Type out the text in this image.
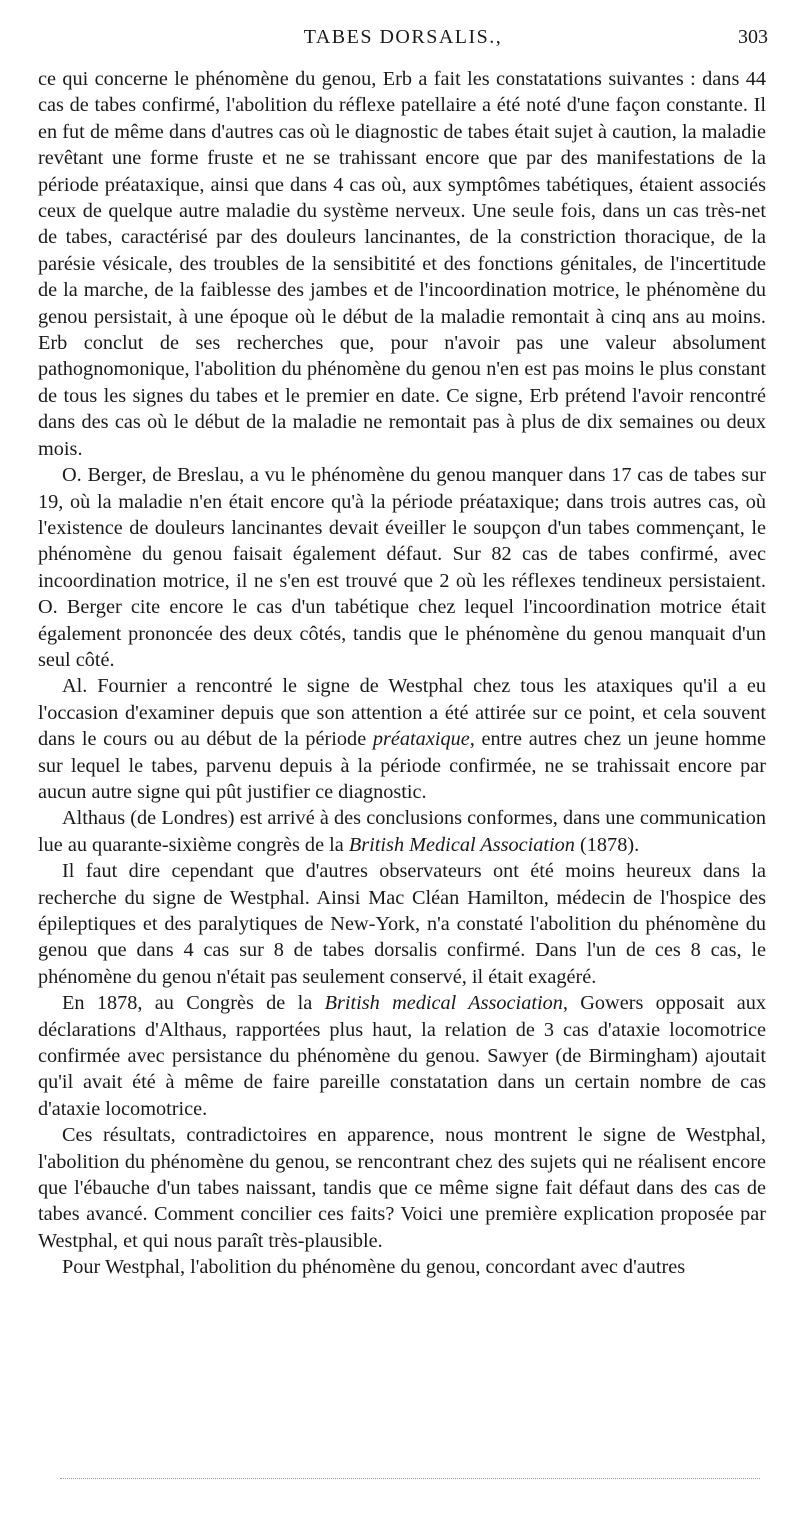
TABES DORSALIS.,	303

ce qui concerne le phénomène du genou, Erb a fait les constatations suivantes : dans 44 cas de tabes confirmé, l'abolition du réflexe patellaire a été noté d'une façon constante. Il en fut de même dans d'autres cas où le diagnostic de tabes était sujet à caution, la maladie revêtant une forme fruste et ne se trahissant encore que par des manifestations de la période préataxique, ainsi que dans 4 cas où, aux symptômes tabétiques, étaient associés ceux de quelque autre maladie du système nerveux. Une seule fois, dans un cas très-net de tabes, caractérisé par des douleurs lancinantes, de la constriction thoracique, de la parésie vésicale, des troubles de la sensibitité et des fonctions génitales, de l'incertitude de la marche, de la faiblesse des jambes et de l'incoordination motrice, le phénomène du genou persistait, à une époque où le début de la maladie remontait à cinq ans au moins. Erb conclut de ses recherches que, pour n'avoir pas une valeur absolument pathognomonique, l'abolition du phénomène du genou n'en est pas moins le plus constant de tous les signes du tabes et le premier en date. Ce signe, Erb prétend l'avoir rencontré dans des cas où le début de la maladie ne remontait pas à plus de dix semaines ou deux mois.

O. Berger, de Breslau, a vu le phénomène du genou manquer dans 17 cas de tabes sur 19, où la maladie n'en était encore qu'à la période préataxique; dans trois autres cas, où l'existence de douleurs lancinantes devait éveiller le soupçon d'un tabes commençant, le phénomène du genou faisait également défaut. Sur 82 cas de tabes confirmé, avec incoordination motrice, il ne s'en est trouvé que 2 où les réflexes tendineux persistaient. O. Berger cite encore le cas d'un tabétique chez lequel l'incoordination motrice était également prononcée des deux côtés, tandis que le phénomène du genou manquait d'un seul côté.

Al. Fournier a rencontré le signe de Westphal chez tous les ataxiques qu'il a eu l'occasion d'examiner depuis que son attention a été attirée sur ce point, et cela souvent dans le cours ou au début de la période préataxique, entre autres chez un jeune homme sur lequel le tabes, parvenu depuis à la période confirmée, ne se trahissait encore par aucun autre signe qui pût justifier ce diagnostic.

Althaus (de Londres) est arrivé à des conclusions conformes, dans une communication lue au quarante-sixième congrès de la British Medical Association (1878).

Il faut dire cependant que d'autres observateurs ont été moins heureux dans la recherche du signe de Westphal. Ainsi Mac Cléan Hamilton, médecin de l'hospice des épileptiques et des paralytiques de New-York, n'a constaté l'abolition du phénomène du genou que dans 4 cas sur 8 de tabes dorsalis confirmé. Dans l'un de ces 8 cas, le phénomène du genou n'était pas seulement conservé, il était exagéré.

En 1878, au Congrès de la British medical Association, Gowers opposait aux déclarations d'Althaus, rapportées plus haut, la relation de 3 cas d'ataxie locomotrice confirmée avec persistance du phénomène du genou. Sawyer (de Birmingham) ajoutait qu'il avait été à même de faire pareille constatation dans un certain nombre de cas d'ataxie locomotrice.

Ces résultats, contradictoires en apparence, nous montrent le signe de Westphal, l'abolition du phénomène du genou, se rencontrant chez des sujets qui ne réalisent encore que l'ébauche d'un tabes naissant, tandis que ce même signe fait défaut dans des cas de tabes avancé. Comment concilier ces faits? Voici une première explication proposée par Westphal, et qui nous paraît très-plausible.

Pour Westphal, l'abolition du phénomène du genou, concordant avec d'autres
